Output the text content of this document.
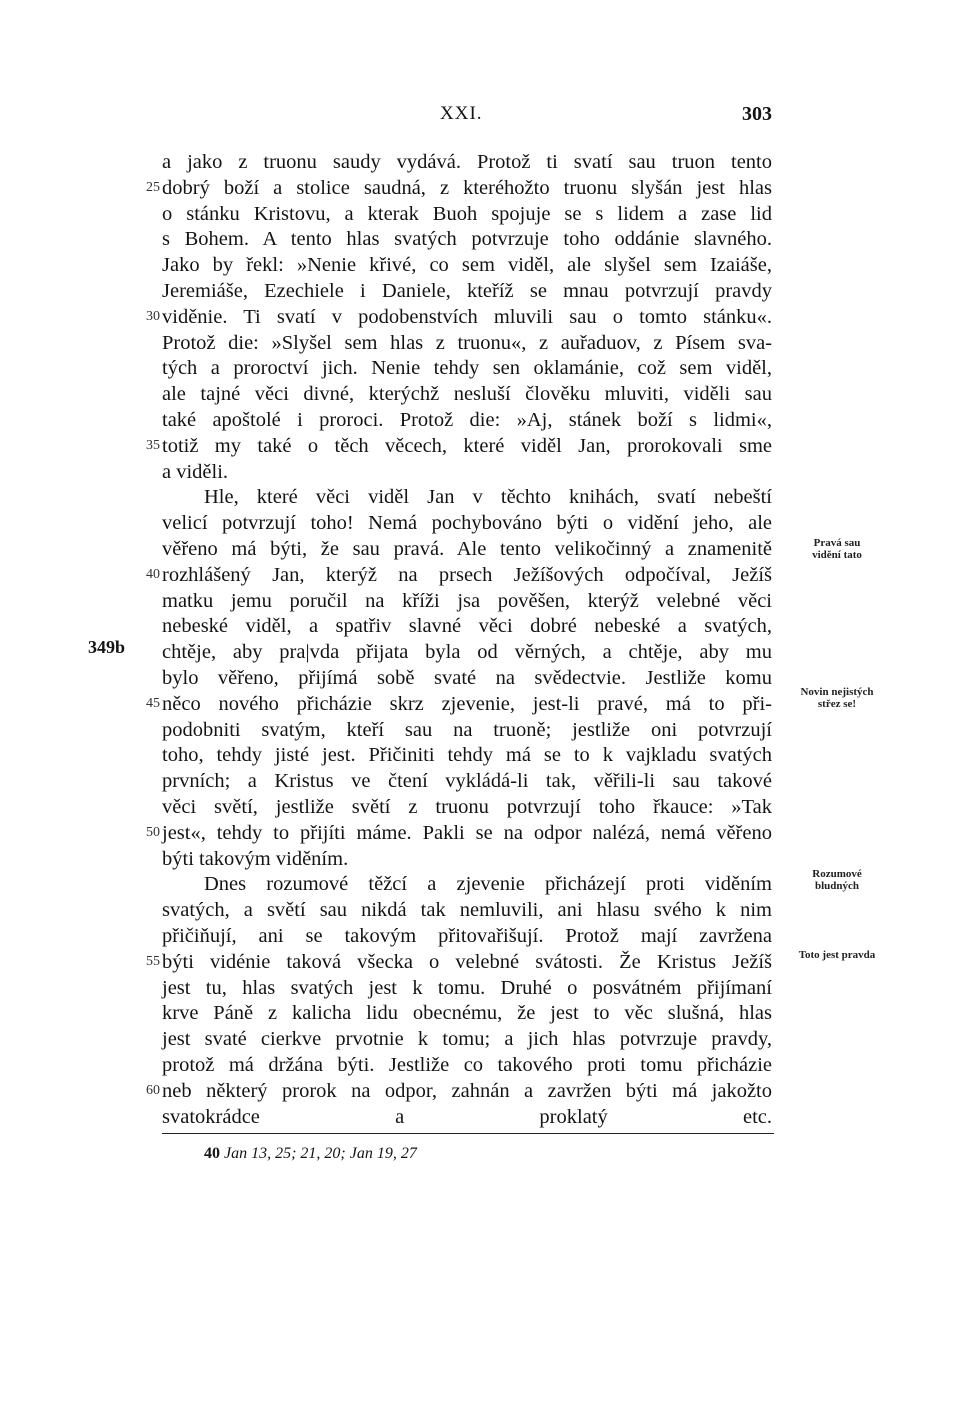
XXI.	303
a jako z truonu saudy vydává. Protož ti svatí sau truon tento
dobrý boží a stolice saudná, z kteréhožto truonu slyšán jest hlas
25
o stánku Kristovu, a kterak Buoh spojuje se s lidem a zase lid
s Bohem. A tento hlas svatých potvrzuje toho oddánie slavného.
Jako by řekl: »Nenie křivé, co sem viděl, ale slyšel sem Izaiáše,
Jeremiáše, Ezechiele i Daniele, kteříž se mnau potvrzují pravdy
viděnie. Ti svatí v podobenstvích mluvili sau o tomto stánku«.
30
Protož die: »Slyšel sem hlas z truonu«, z auřaduov, z Písem sva-
tých a proroctví jich. Nenie tehdy sen oklamánie, což sem viděl,
ale tajné věci divné, kterýchž nesluší člověku mluviti, viděli sau
také apoštolé i proroci. Protož die: »Aj, stánek boží s lidmi«,
totiž my také o těch věcech, které viděl Jan, prorokovali sme
35
a viděli.
Hle, které věci viděl Jan v těchto knihách, svatí nebeští
velicí potvrzují toho! Nemá pochybováno býti o vidění jeho, ale
věřeno má býti, že sau pravá. Ale tento velikočinný a znamenitě
rozhlášený Jan, kterýž na prsech Ježíšových odpočíval, Ježíš
40
matku jemu poručil na kříži jsa pověšen, kterýž velebné věci
nebeské viděl, a spatřiv slavné věci dobré nebeské a svatých,
chtěje, aby pra|vda přijata byla od věrných, a chtěje, aby mu
bylo věřeno, přijímá sobě svaté na svědectvie. Jestliže komu
něco nového přicházie skrz zjevenie, jest-li pravé, má to při-
45
podobniti svatým, kteří sau na truoně; jestliže oni potvrzují
toho, tehdy jisté jest. Přičiniti tehdy má se to k vajkladu svatých
prvních; a Kristus ve čtení vykládá-li tak, věřili-li sau takové
věci světí, jestliže světí z truonu potvrzují toho řkauce: »Tak
jest«, tehdy to přijíti máme. Pakli se na odpor nalézá, nemá věřeno
50
býti takovým viděním.
Dnes rozumové těžcí a zjevenie přicházejí proti viděním
svatých, a světí sau nikdá tak nemluvili, ani hlasu svého k nim
přičiňují, ani se takovým přitovařišují. Protož mají zavržena
býti vidénie taková všecka o velebné svátosti. Že Kristus Ježíš
55
jest tu, hlas svatých jest k tomu. Druhé o posvátném přijímaní
krve Páně z kalicha lidu obecnému, že jest to věc slušná, hlas
jest svaté cierkve prvotnie k tomu; a jich hlas potvrzuje pravdy,
protož má držána býti. Jestliže co takového proti tomu přicházie
neb některý prorok na odpor, zahnán a zavržen býti má jakožto
60
svatokrádce a proklatý etc.
349b
Pravá sau
vidění tato
Novin nejistých
střez se!
Rozumové
bludných
Toto jest pravda
40 Jan 13, 25; 21, 20; Jan 19, 27
